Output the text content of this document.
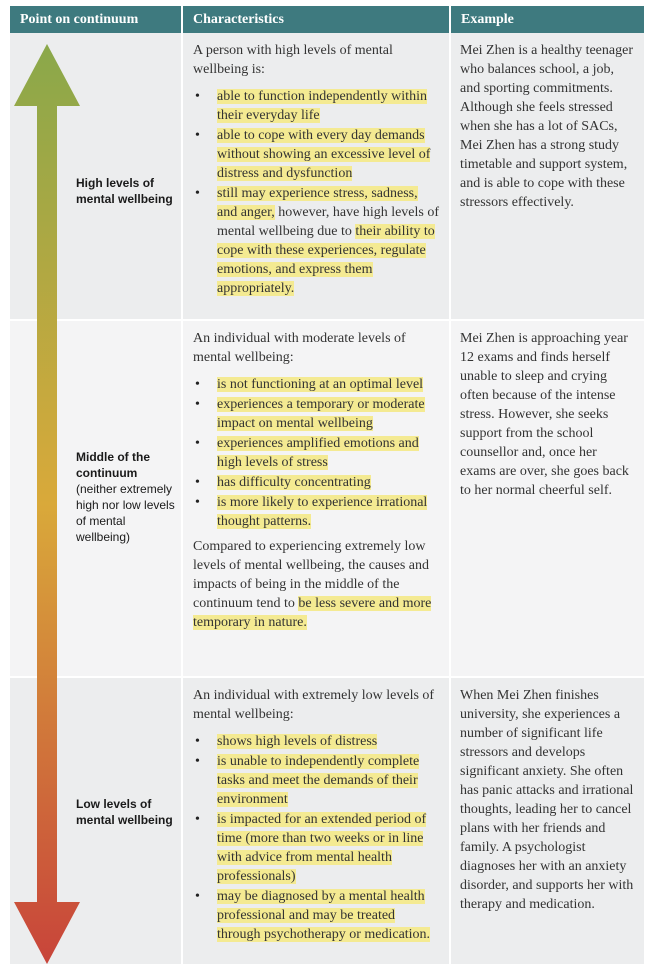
Point on continuum	Characteristics	Example
High levels of mental wellbeing

A person with high levels of mental wellbeing is:

• able to function independently within their everyday life
• able to cope with every day demands without showing an excessive level of distress and dysfunction
• still may experience stress, sadness, and anger, however, have high levels of mental wellbeing due to their ability to cope with these experiences, regulate emotions, and express them appropriately.

Mei Zhen is a healthy teenager who balances school, a job, and sporting commitments. Although she feels stressed when she has a lot of SACs, Mei Zhen has a strong study timetable and support system, and is able to cope with these stressors effectively.

Middle of the continuum
(neither extremely high nor low levels of mental wellbeing)

An individual with moderate levels of mental wellbeing:

• is not functioning at an optimal level
• experiences a temporary or moderate impact on mental wellbeing
• experiences amplified emotions and high levels of stress
• has difficulty concentrating
• is more likely to experience irrational thought patterns.

Compared to experiencing extremely low levels of mental wellbeing, the causes and impacts of being in the middle of the continuum tend to be less severe and more temporary in nature.

Mei Zhen is approaching year 12 exams and finds herself unable to sleep and crying often because of the intense stress. However, she seeks support from the school counsellor and, once her exams are over, she goes back to her normal cheerful self.

Low levels of mental wellbeing

An individual with extremely low levels of mental wellbeing:

• shows high levels of distress
• is unable to independently complete tasks and meet the demands of their environment
• is impacted for an extended period of time (more than two weeks or in line with advice from mental health professionals)
• may be diagnosed by a mental health professional and may be treated through psychotherapy or medication.

When Mei Zhen finishes university, she experiences a number of significant life stressors and develops significant anxiety. She often has panic attacks and irrational thoughts, leading her to cancel plans with her friends and family. A psychologist diagnoses her with an anxiety disorder, and supports her with therapy and medication.
